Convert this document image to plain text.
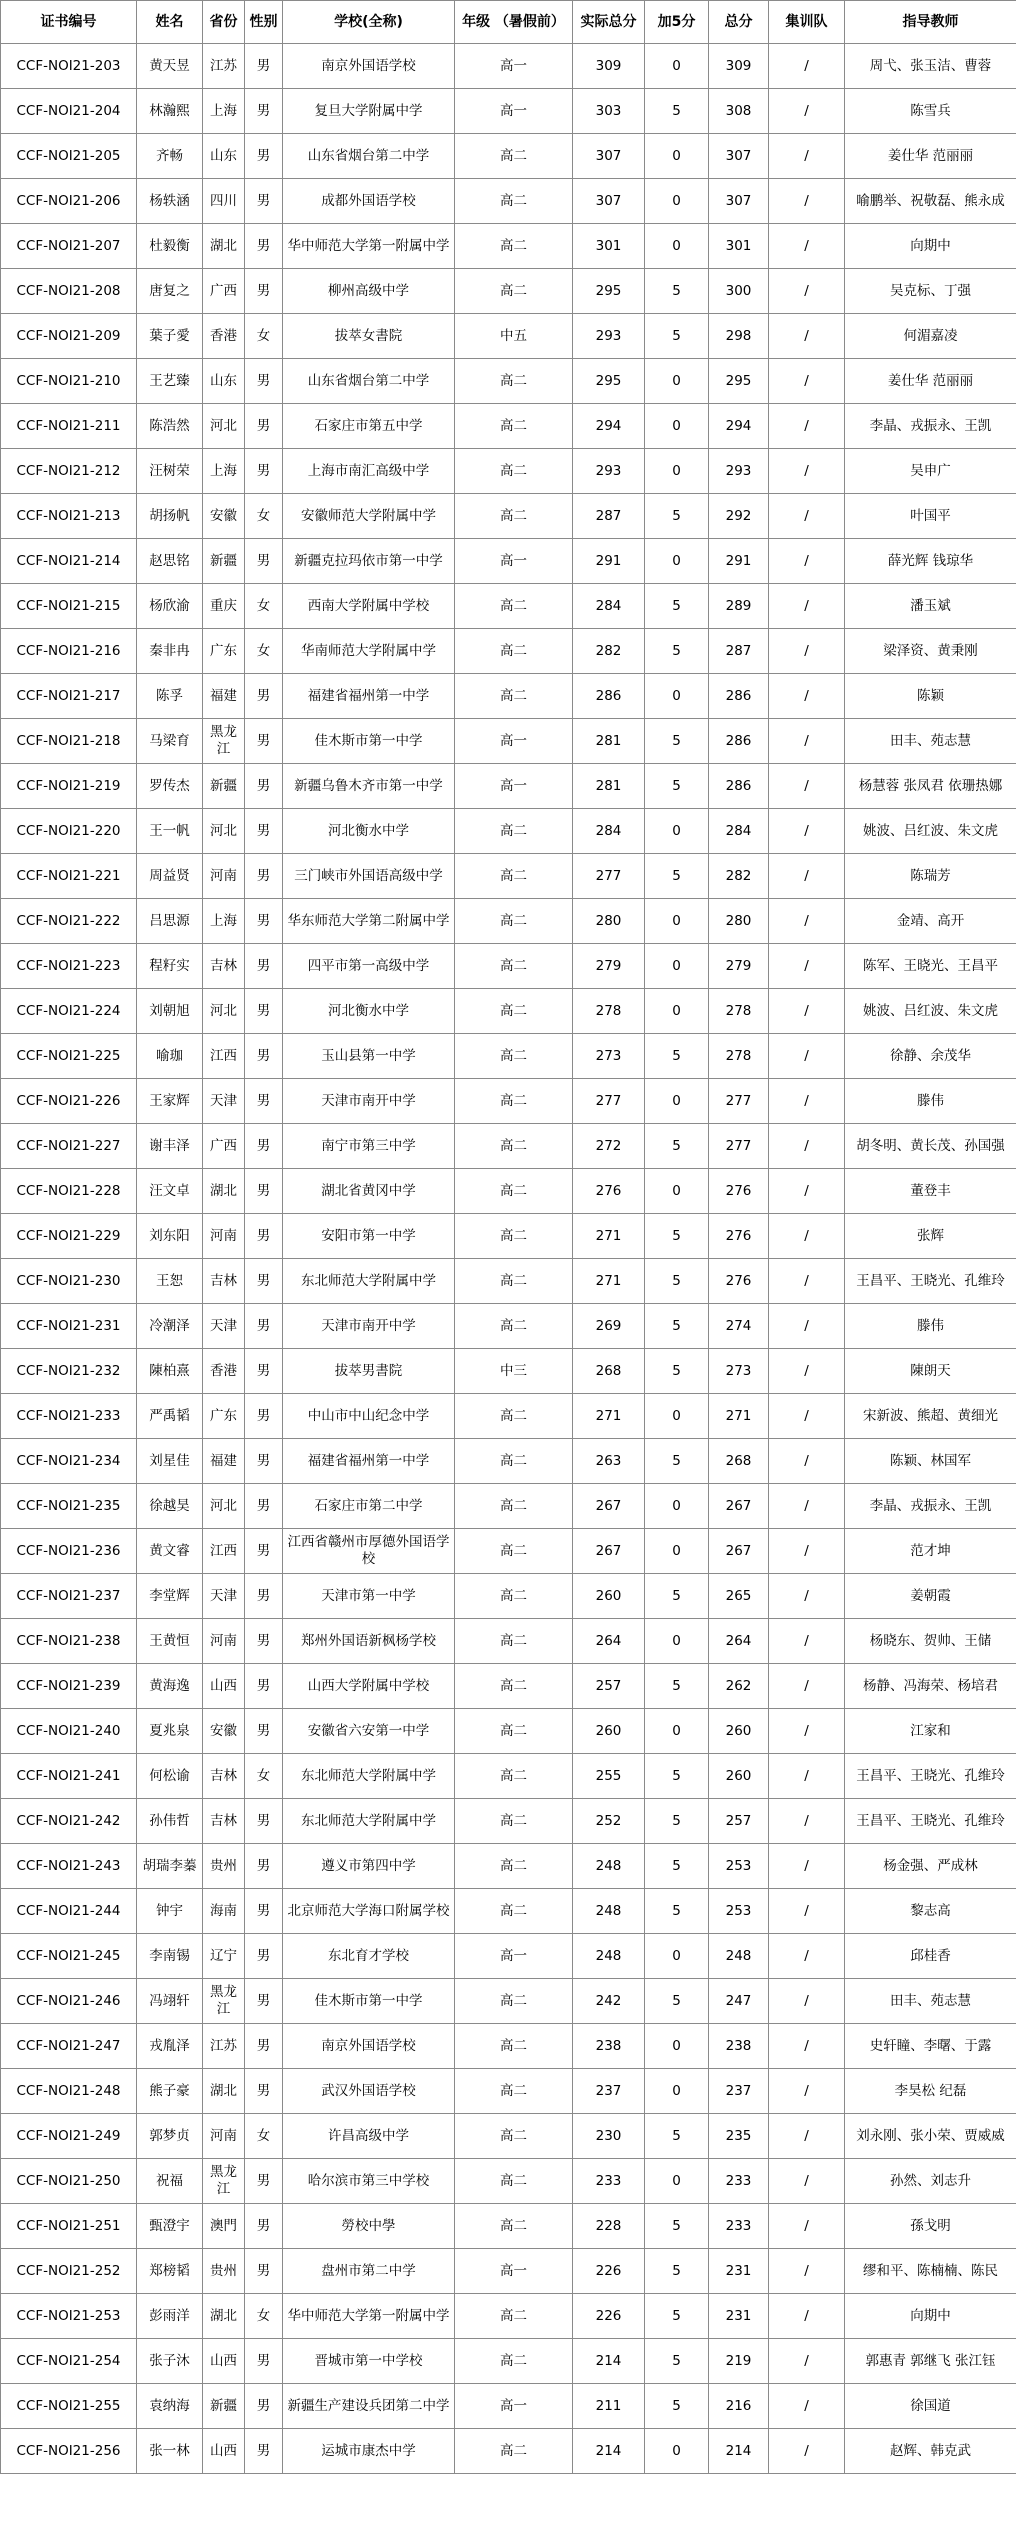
证书编号	姓名	省份	性别	学校(全称)	年级 （暑假前）	实际总分	加5分	总分	集训队	指导教师
CCF-NOI21-203	黄天昱	江苏	男	南京外国语学校	高一	309	0	309	/	周弋、张玉洁、曹蓉
CCF-NOI21-204	林瀚熙	上海	男	复旦大学附属中学	高一	303	5	308	/	陈雪兵
CCF-NOI21-205	齐畅	山东	男	山东省烟台第二中学	高二	307	0	307	/	姜仕华 范丽丽
CCF-NOI21-206	杨轶涵	四川	男	成都外国语学校	高二	307	0	307	/	喻鹏举、祝敬磊、熊永成
CCF-NOI21-207	杜毅衡	湖北	男	华中师范大学第一附属中学	高二	301	0	301	/	向期中
CCF-NOI21-208	唐复之	广西	男	柳州高级中学	高二	295	5	300	/	吴克标、丁强
CCF-NOI21-209	葉子愛	香港	女	拔萃女書院	中五	293	5	298	/	何湄嘉凌
CCF-NOI21-210	王艺臻	山东	男	山东省烟台第二中学	高二	295	0	295	/	姜仕华 范丽丽
CCF-NOI21-211	陈浩然	河北	男	石家庄市第五中学	高二	294	0	294	/	李晶、戎振永、王凯
CCF-NOI21-212	汪树荣	上海	男	上海市南汇高级中学	高二	293	0	293	/	吴申广
CCF-NOI21-213	胡扬帆	安徽	女	安徽师范大学附属中学	高二	287	5	292	/	叶国平
CCF-NOI21-214	赵思铭	新疆	男	新疆克拉玛依市第一中学	高一	291	0	291	/	薛光辉 钱琼华
CCF-NOI21-215	杨欣渝	重庆	女	西南大学附属中学校	高二	284	5	289	/	潘玉斌
CCF-NOI21-216	秦非冉	广东	女	华南师范大学附属中学	高二	282	5	287	/	梁泽资、黄秉刚
CCF-NOI21-217	陈孚	福建	男	福建省福州第一中学	高二	286	0	286	/	陈颖
CCF-NOI21-218	马梁育	黑龙江	男	佳木斯市第一中学	高一	281	5	286	/	田丰、苑志慧
CCF-NOI21-219	罗传杰	新疆	男	新疆乌鲁木齐市第一中学	高一	281	5	286	/	杨慧蓉 张凤君 依珊热娜
CCF-NOI21-220	王一帆	河北	男	河北衡水中学	高二	284	0	284	/	姚波、吕红波、朱文虎
CCF-NOI21-221	周益贤	河南	男	三门峡市外国语高级中学	高二	277	5	282	/	陈瑞芳
CCF-NOI21-222	吕思源	上海	男	华东师范大学第二附属中学	高二	280	0	280	/	金靖、高开
CCF-NOI21-223	程籽实	吉林	男	四平市第一高级中学	高二	279	0	279	/	陈军、王晓光、王昌平
CCF-NOI21-224	刘朝旭	河北	男	河北衡水中学	高二	278	0	278	/	姚波、吕红波、朱文虎
CCF-NOI21-225	喻珈	江西	男	玉山县第一中学	高二	273	5	278	/	徐静、余茂华
CCF-NOI21-226	王家辉	天津	男	天津市南开中学	高二	277	0	277	/	滕伟
CCF-NOI21-227	谢丰泽	广西	男	南宁市第三中学	高二	272	5	277	/	胡冬明、黄长茂、孙国强
CCF-NOI21-228	汪文卓	湖北	男	湖北省黄冈中学	高二	276	0	276	/	董登丰
CCF-NOI21-229	刘东阳	河南	男	安阳市第一中学	高二	271	5	276	/	张辉
CCF-NOI21-230	王恕	吉林	男	东北师范大学附属中学	高二	271	5	276	/	王昌平、王晓光、孔维玲
CCF-NOI21-231	冷潮泽	天津	男	天津市南开中学	高二	269	5	274	/	滕伟
CCF-NOI21-232	陳柏熹	香港	男	拔萃男書院	中三	268	5	273	/	陳朗天
CCF-NOI21-233	严禹韬	广东	男	中山市中山纪念中学	高二	271	0	271	/	宋新波、熊超、黄细光
CCF-NOI21-234	刘星佳	福建	男	福建省福州第一中学	高二	263	5	268	/	陈颖、林国军
CCF-NOI21-235	徐越昊	河北	男	石家庄市第二中学	高二	267	0	267	/	李晶、戎振永、王凯
CCF-NOI21-236	黄文睿	江西	男	江西省赣州市厚德外国语学校	高二	267	0	267	/	范才坤
CCF-NOI21-237	李堂辉	天津	男	天津市第一中学	高二	260	5	265	/	姜朝霞
CCF-NOI21-238	王黄恒	河南	男	郑州外国语新枫杨学校	高二	264	0	264	/	杨晓东、贺帅、王储
CCF-NOI21-239	黄海逸	山西	男	山西大学附属中学校	高二	257	5	262	/	杨静、冯海荣、杨培君
CCF-NOI21-240	夏兆泉	安徽	男	安徽省六安第一中学	高二	260	0	260	/	江家和
CCF-NOI21-241	何松谕	吉林	女	东北师范大学附属中学	高二	255	5	260	/	王昌平、王晓光、孔维玲
CCF-NOI21-242	孙伟哲	吉林	男	东北师范大学附属中学	高二	252	5	257	/	王昌平、王晓光、孔维玲
CCF-NOI21-243	胡瑞李蓁	贵州	男	遵义市第四中学	高二	248	5	253	/	杨金强、严成林
CCF-NOI21-244	钟宇	海南	男	北京师范大学海口附属学校	高二	248	5	253	/	黎志高
CCF-NOI21-245	李南锡	辽宁	男	东北育才学校	高一	248	0	248	/	邱桂香
CCF-NOI21-246	冯翊轩	黑龙江	男	佳木斯市第一中学	高二	242	5	247	/	田丰、苑志慧
CCF-NOI21-247	戎胤泽	江苏	男	南京外国语学校	高二	238	0	238	/	史轩瞳、李曙、于露
CCF-NOI21-248	熊子豪	湖北	男	武汉外国语学校	高二	237	0	237	/	李昊松 纪磊
CCF-NOI21-249	郭梦贞	河南	女	许昌高级中学	高二	230	5	235	/	刘永刚、张小荣、贾威威
CCF-NOI21-250	祝福	黑龙江	男	哈尔滨市第三中学校	高二	233	0	233	/	孙然、刘志升
CCF-NOI21-251	甄澄宇	澳門	男	勞校中學	高二	228	5	233	/	孫戈明
CCF-NOI21-252	郑榜韬	贵州	男	盘州市第二中学	高一	226	5	231	/	缪和平、陈楠楠、陈民
CCF-NOI21-253	彭雨洋	湖北	女	华中师范大学第一附属中学	高二	226	5	231	/	向期中
CCF-NOI21-254	张子沐	山西	男	晋城市第一中学校	高二	214	5	219	/	郭惠青 郭继飞 张江钰
CCF-NOI21-255	袁纳海	新疆	男	新疆生产建设兵团第二中学	高一	211	5	216	/	徐国道
CCF-NOI21-256	张一林	山西	男	运城市康杰中学	高二	214	0	214	/	赵辉、韩克武
